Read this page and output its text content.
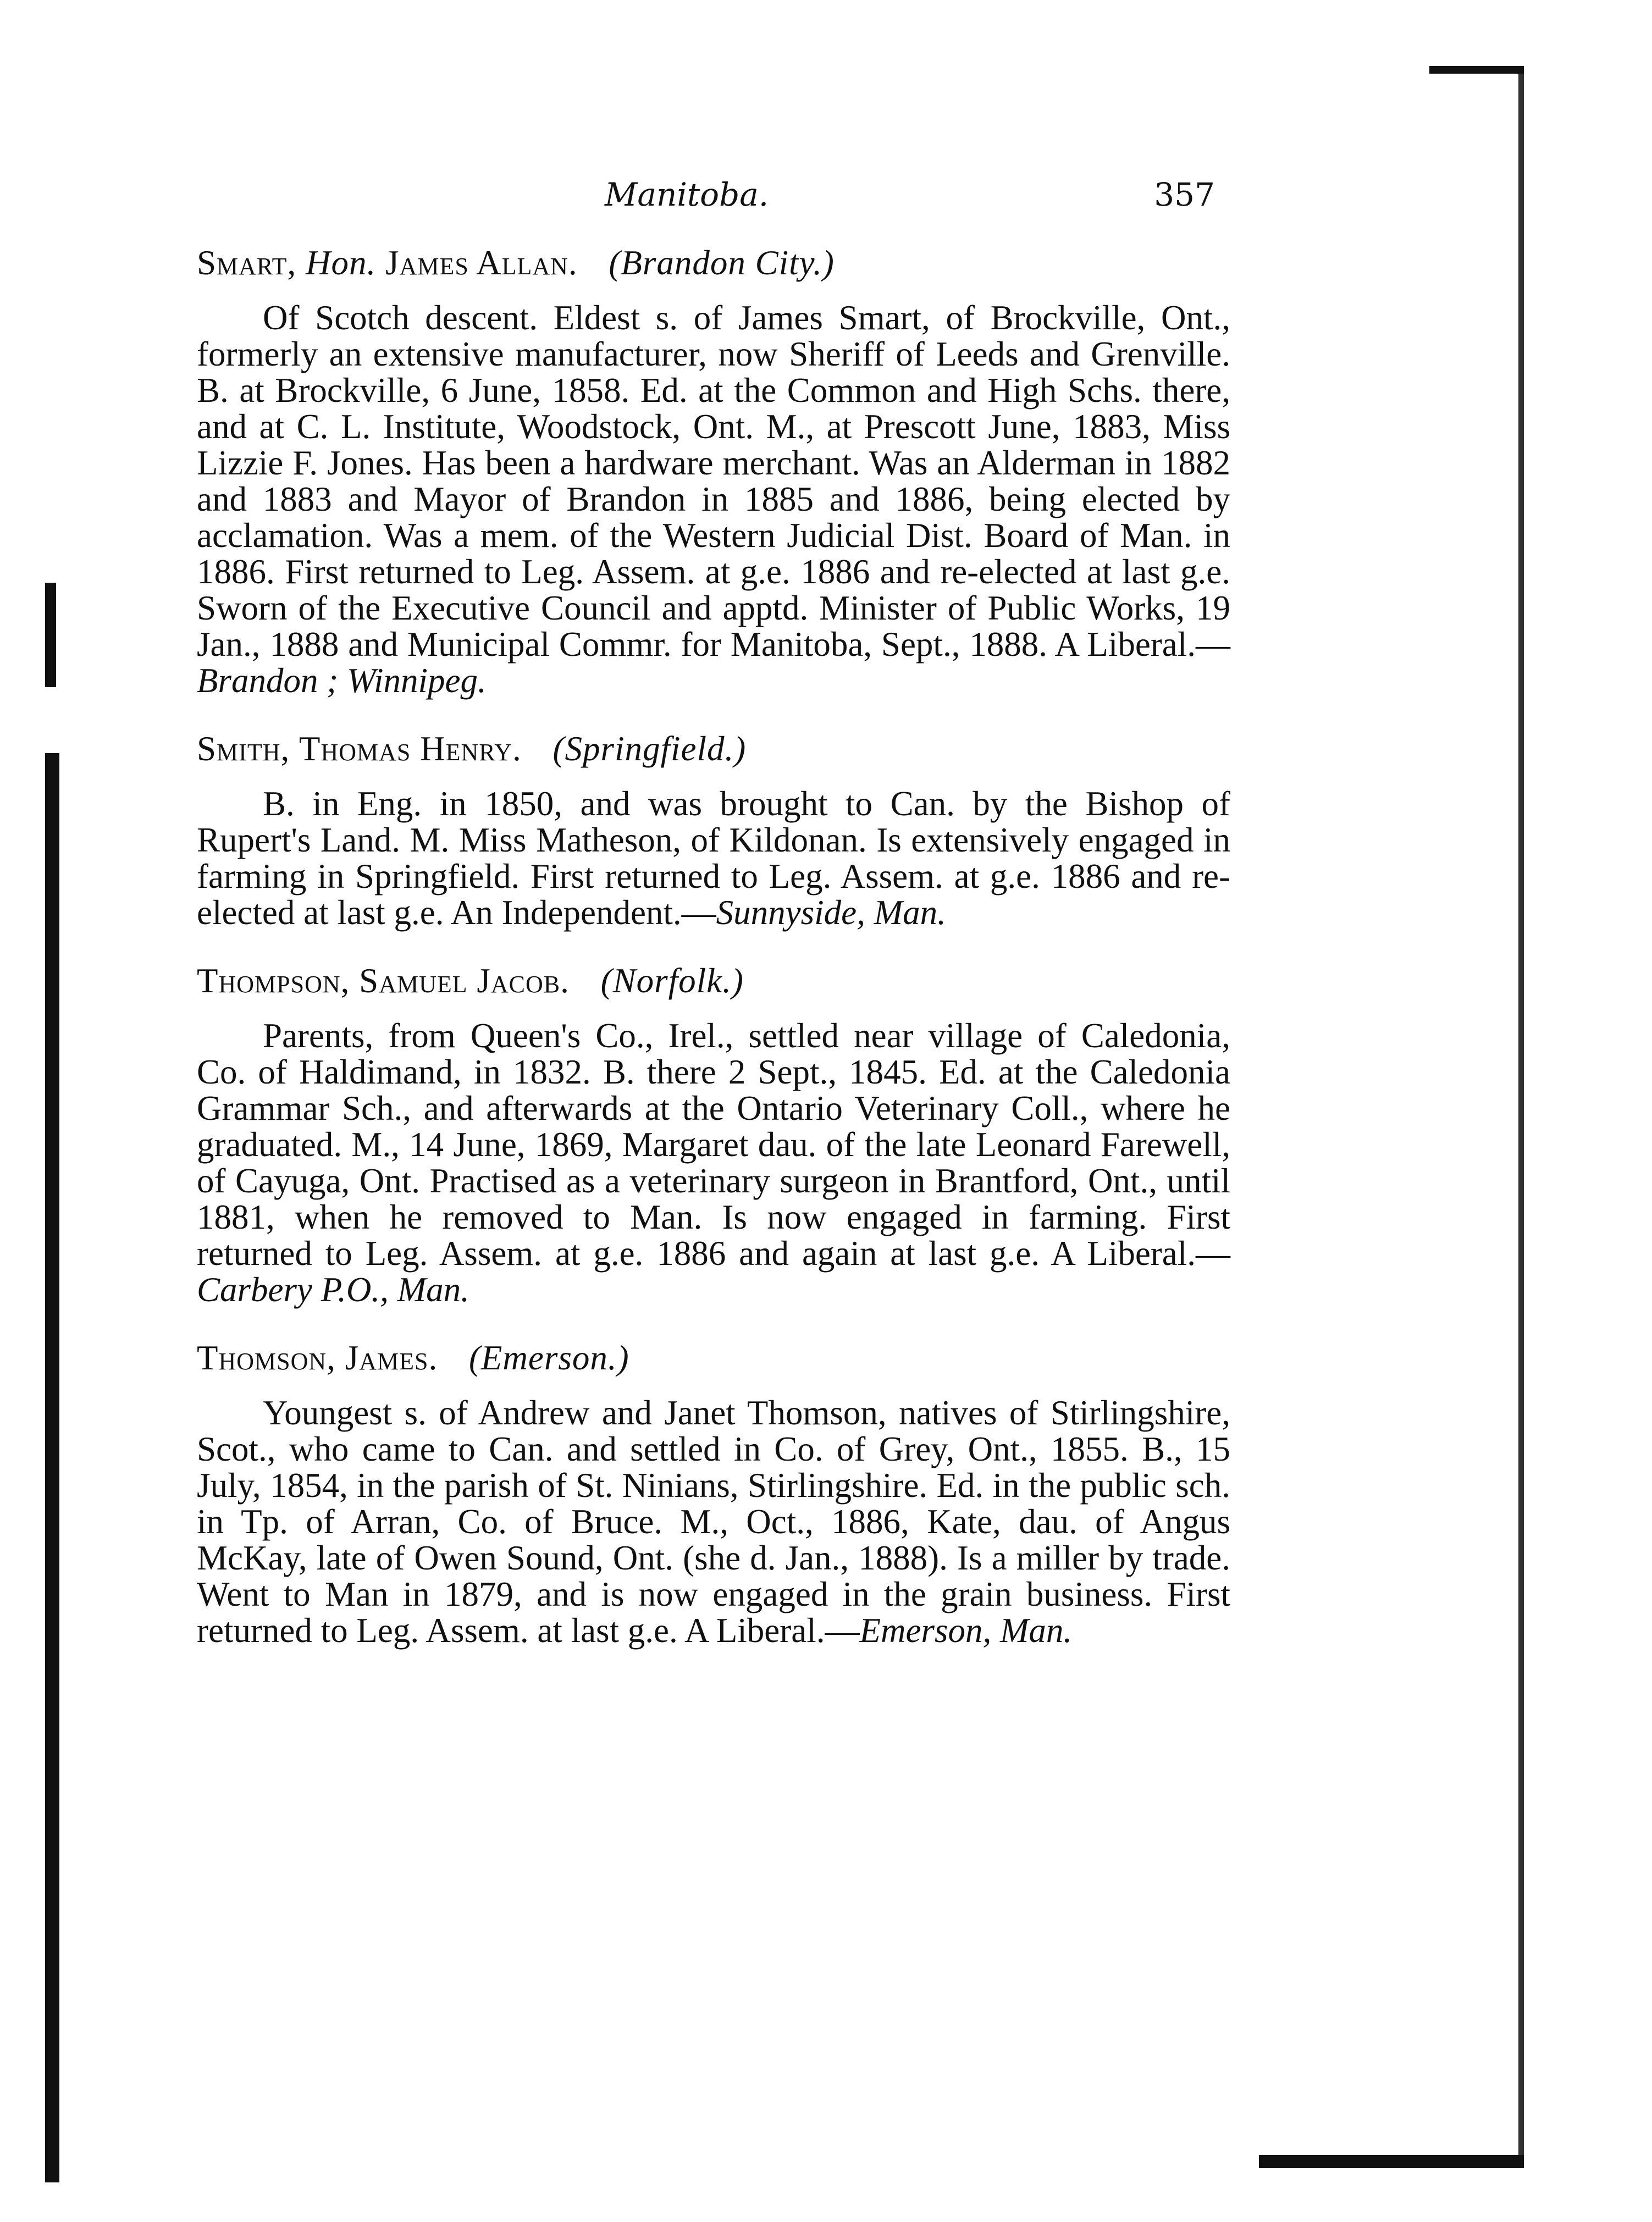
Manitoba.	357
Smart, Hon. James Allan. (Brandon City.)
Of Scotch descent. Eldest s. of James Smart, of Brockville, Ont., formerly an extensive manufacturer, now Sheriff of Leeds and Grenville. B. at Brockville, 6 June, 1858. Ed. at the Common and High Schs. there, and at C. L. Institute, Woodstock, Ont. M., at Prescott June, 1883, Miss Lizzie F. Jones. Has been a hardware merchant. Was an Alderman in 1882 and 1883 and Mayor of Brandon in 1885 and 1886, being elected by acclamation. Was a mem. of the Western Judicial Dist. Board of Man. in 1886. First returned to Leg. Assem. at g.e. 1886 and re-elected at last g.e. Sworn of the Executive Council and apptd. Minister of Public Works, 19 Jan., 1888 and Municipal Commr. for Manitoba, Sept., 1888. A Liberal.—Brandon ; Winnipeg.
Smith, Thomas Henry. (Springfield.)
B. in Eng. in 1850, and was brought to Can. by the Bishop of Rupert's Land. M. Miss Matheson, of Kildonan. Is extensively engaged in farming in Springfield. First returned to Leg. Assem. at g.e. 1886 and re-elected at last g.e. An Independent.—Sunnyside, Man.
Thompson, Samuel Jacob. (Norfolk.)
Parents, from Queen's Co., Irel., settled near village of Caledonia, Co. of Haldimand, in 1832. B. there 2 Sept., 1845. Ed. at the Caledonia Grammar Sch., and afterwards at the Ontario Veterinary Coll., where he graduated. M., 14 June, 1869, Margaret dau. of the late Leonard Farewell, of Cayuga, Ont. Practised as a veterinary surgeon in Brantford, Ont., until 1881, when he removed to Man. Is now engaged in farming. First returned to Leg. Assem. at g.e. 1886 and again at last g.e. A Liberal.—Carbery P.O., Man.
Thomson, James. (Emerson.)
Youngest s. of Andrew and Janet Thomson, natives of Stirlingshire, Scot., who came to Can. and settled in Co. of Grey, Ont., 1855. B., 15 July, 1854, in the parish of St. Ninians, Stirlingshire. Ed. in the public sch. in Tp. of Arran, Co. of Bruce. M., Oct., 1886, Kate, dau. of Angus McKay, late of Owen Sound, Ont. (she d. Jan., 1888). Is a miller by trade. Went to Man in 1879, and is now engaged in the grain business. First returned to Leg. Assem. at last g.e. A Liberal.—Emerson, Man.
